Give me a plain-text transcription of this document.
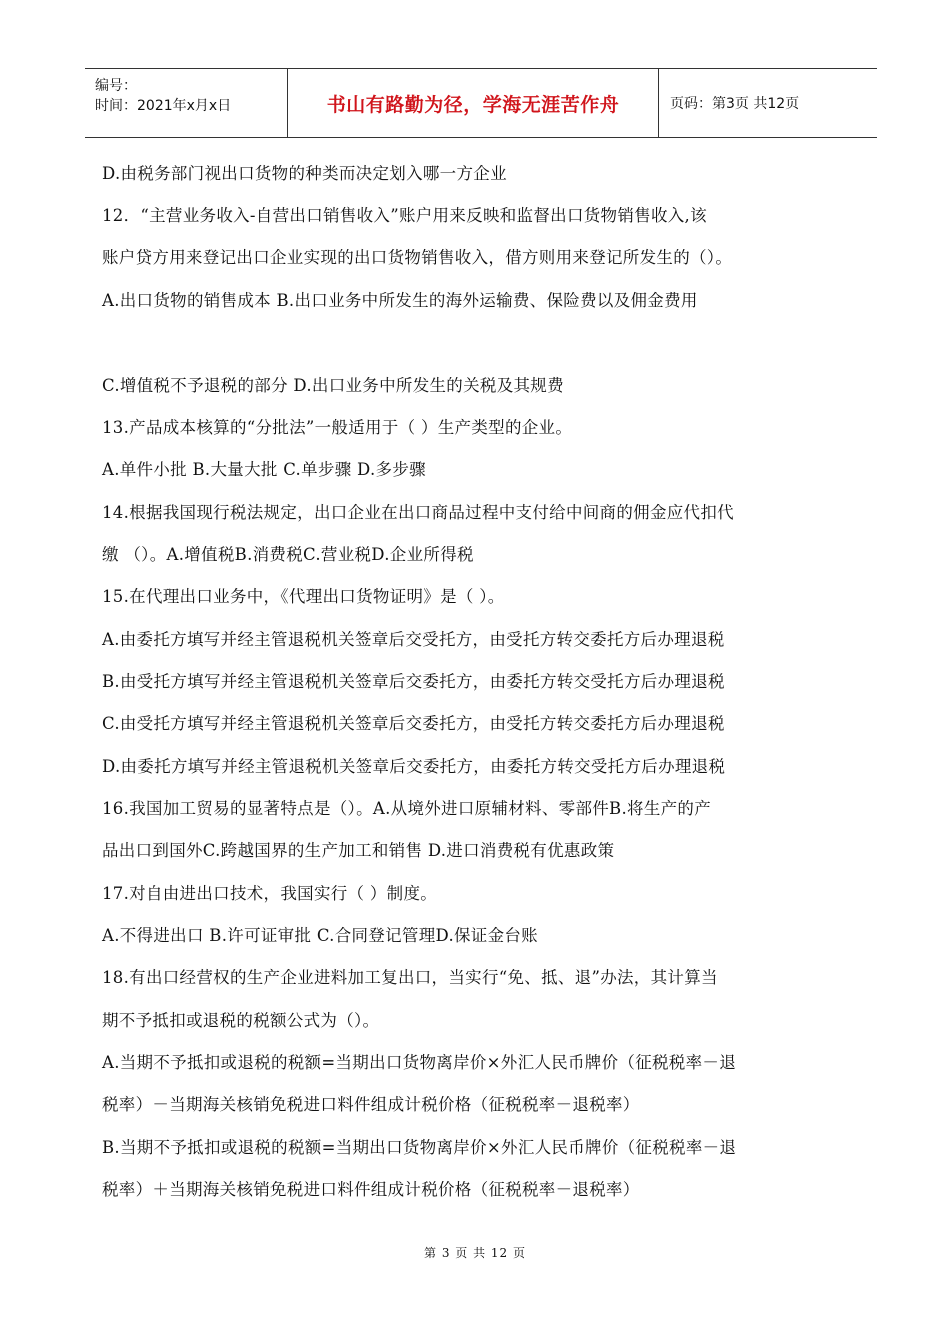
编号：
时间：2021年x月x日	书山有路勤为径，学海无涯苦作舟	页码：第3页 共12页
D.由税务部门视出口货物的种类而决定划入哪一方企业
12．“主营业务收入-自营出口销售收入”账户用来反映和监督出口货物销售收入,该
账户贷方用来登记出口企业实现的出口货物销售收入，借方则用来登记所发生的（）。
A.出口货物的销售成本 B.出口业务中所发生的海外运输费、保险费以及佣金费用
C.增值税不予退税的部分 D.出口业务中所发生的关税及其规费
13.产品成本核算的“分批法”一般适用于（ ）生产类型的企业。
A.单件小批 B.大量大批 C.单步骤 D.多步骤
14.根据我国现行税法规定，出口企业在出口商品过程中支付给中间商的佣金应代扣代
缴 （）。A.增值税B.消费税C.营业税D.企业所得税
15.在代理出口业务中，《代理出口货物证明》是（ ）。
A.由委托方填写并经主管退税机关签章后交受托方，由受托方转交委托方后办理退税
B.由受托方填写并经主管退税机关签章后交委托方，由委托方转交受托方后办理退税
C.由受托方填写并经主管退税机关签章后交委托方，由受托方转交委托方后办理退税
D.由委托方填写并经主管退税机关签章后交委托方，由委托方转交受托方后办理退税
16.我国加工贸易的显著特点是（）。A.从境外进口原辅材料、零部件B.将生产的产
品出口到国外C.跨越国界的生产加工和销售 D.进口消费税有优惠政策
17.对自由进出口技术，我国实行（ ）制度。
A.不得进出口 B.许可证审批 C.合同登记管理D.保证金台账
18.有出口经营权的生产企业进料加工复出口，当实行“免、抵、退”办法，其计算当
期不予抵扣或退税的税额公式为（）。
A.当期不予抵扣或退税的税额=当期出口货物离岸价×外汇人民币牌价（征税税率－退
税率）－当期海关核销免税进口料件组成计税价格（征税税率－退税率）
B.当期不予抵扣或退税的税额=当期出口货物离岸价×外汇人民币牌价（征税税率－退
税率）＋当期海关核销免税进口料件组成计税价格（征税税率－退税率）
第 3 页 共 12 页
